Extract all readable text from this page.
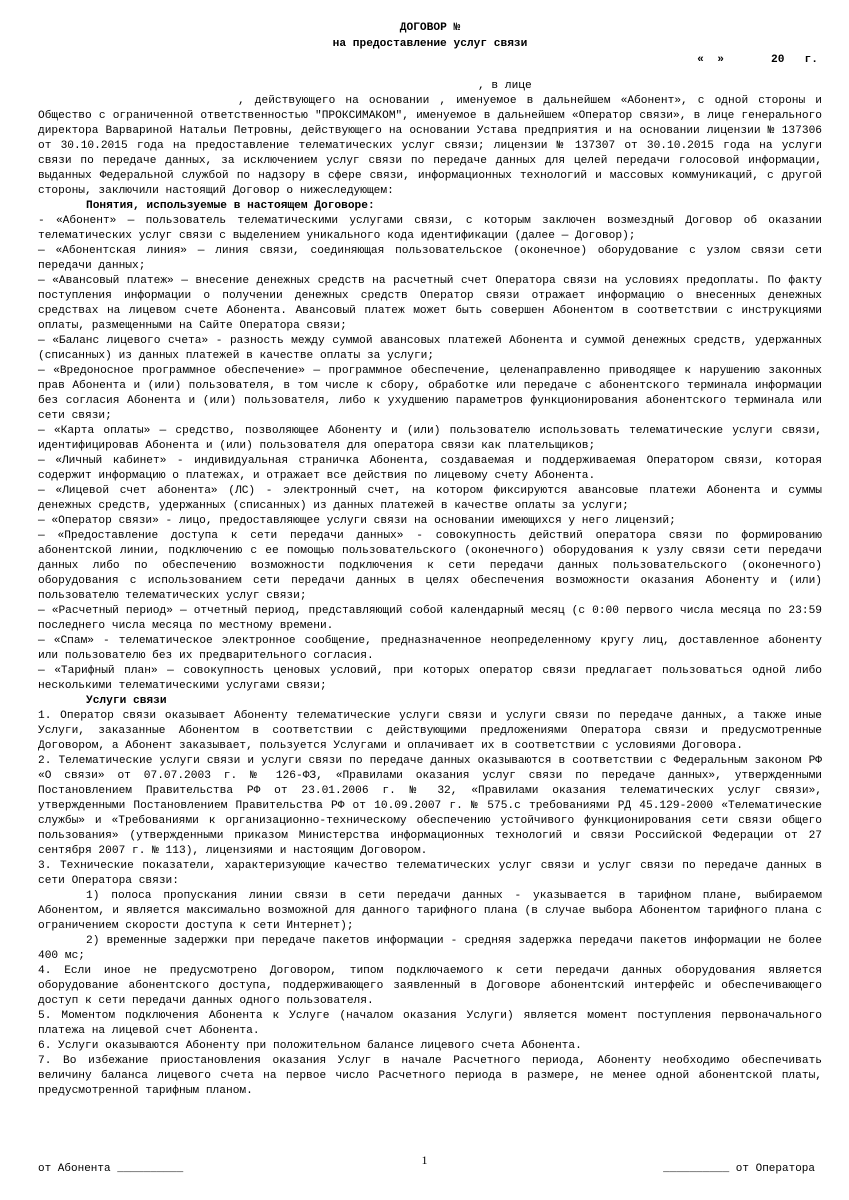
ДОГОВОР №
на предоставление услуг связи
«  »       20   г.
, в лице

, действующего на основании , именуемое в дальнейшем «Абонент», с одной стороны и Общество с ограниченной ответственностью "ПРОКСИМАКОМ", именуемое в дальнейшем «Оператор связи», в лице генерального директора Варвариной Натальи Петровны, действующего на основании Устава предприятия и на основании лицензии № 137306 от 30.10.2015 года на предоставление телематических услуг связи; лицензии № 137307 от 30.10.2015 года на услуги связи по передаче данных, за исключением услуг связи по передаче данных для целей передачи голосовой информации, выданных Федеральной службой по надзору в сфере связи, информационных технологий и массовых коммуникаций, с другой стороны, заключили настоящий Договор о нижеследующем:

Понятия, используемые в настоящем Договоре:

- «Абонент» — пользователь телематическими услугами связи, с которым заключен возмездный Договор об оказании телематических услуг связи с выделением уникального кода идентификации (далее — Договор);

— «Абонентская линия» — линия связи, соединяющая пользовательское (оконечное) оборудование с узлом связи сети передачи данных;

— «Авансовый платеж» — внесение денежных средств на расчетный счет Оператора связи на условиях предоплаты. По факту поступления информации о получении денежных средств Оператор связи отражает информацию о внесенных денежных средствах на лицевом счете Абонента. Авансовый платеж может быть совершен Абонентом в соответствии с инструкциями оплаты, размещенными на Сайте Оператора связи;

— «Баланс лицевого счета» - разность между суммой авансовых платежей Абонента и суммой денежных средств, удержанных (списанных) из данных платежей в качестве оплаты за услуги;

— «Вредоносное программное обеспечение» — программное обеспечение, целенаправленно приводящее к нарушению законных прав Абонента и (или) пользователя, в том числе к сбору, обработке или передаче с абонентского терминала информации без согласия Абонента и (или) пользователя, либо к ухудшению параметров функционирования абонентского терминала или сети связи;

— «Карта оплаты» — средство, позволяющее Абоненту и (или) пользователю использовать телематические услуги связи, идентифицировав Абонента и (или) пользователя для оператора связи как плательщиков;

— «Личный кабинет» - индивидуальная страничка Абонента, создаваемая и поддерживаемая Оператором связи, которая содержит информацию о платежах, и отражает все действия по лицевому счету Абонента.

— «Лицевой счет абонента» (ЛС) - электронный счет, на котором фиксируются авансовые платежи Абонента и суммы денежных средств, удержанных (списанных) из данных платежей в качестве оплаты за услуги;

— «Оператор связи» - лицо, предоставляющее услуги связи на основании имеющихся у него лицензий;

— «Предоставление доступа к сети передачи данных» - совокупность действий оператора связи по формированию абонентской линии, подключению с ее помощью пользовательского (оконечного) оборудования к узлу связи сети передачи данных либо по обеспечению возможности подключения к сети передачи данных пользовательского (оконечного) оборудования с использованием сети передачи данных в целях обеспечения возможности оказания Абоненту и (или) пользователю телематических услуг связи;

— «Расчетный период» — отчетный период, представляющий собой календарный месяц (с 0:00 первого числа месяца по 23:59 последнего числа месяца по местному времени.

— «Спам» - телематическое электронное сообщение, предназначенное неопределенному кругу лиц, доставленное абоненту или пользователю без их предварительного согласия.

— «Тарифный план» — совокупность ценовых условий, при которых оператор связи предлагает пользоваться одной либо несколькими телематическими услугами связи;

Услуги связи

1. Оператор связи оказывает Абоненту телематические услуги связи и услуги связи по передаче данных, а также иные Услуги, заказанные Абонентом в соответствии с действующими предложениями Оператора связи и предусмотренные Договором, а Абонент заказывает, пользуется Услугами и оплачивает их в соответствии с условиями Договора.

2. Телематические услуги связи и услуги связи по передаче данных оказываются в соответствии с Федеральным законом РФ «О связи» от 07.07.2003 г. № 126-ФЗ, «Правилами оказания услуг связи по передаче данных», утвержденными Постановлением Правительства РФ от 23.01.2006 г. № 32, «Правилами оказания телематических услуг связи», утвержденными Постановлением Правительства РФ от 10.09.2007 г. № 575.с требованиями РД 45.129-2000 «Телематические службы» и «Требованиями к организационно-техническому обеспечению устойчивого функционирования сети связи общего пользования» (утвержденными приказом Министерства информационных технологий и связи Российской Федерации от 27 сентября 2007 г. № 113), лицензиями и настоящим Договором.

3. Технические показатели, характеризующие качество телематических услуг связи и услуг связи по передаче данных в сети Оператора связи:

1) полоса пропускания линии связи в сети передачи данных - указывается в тарифном плане, выбираемом Абонентом, и является максимально возможной для данного тарифного плана (в случае выбора Абонентом тарифного плана с ограничением скорости доступа к сети Интернет);

2) временные задержки при передаче пакетов информации - средняя задержка передачи пакетов информации не более 400 мс;

4. Если иное не предусмотрено Договором, типом подключаемого к сети передачи данных оборудования является оборудование абонентского доступа, поддерживающего заявленный в Договоре абонентский интерфейс и обеспечивающего доступ к сети передачи данных одного пользователя.

5. Моментом подключения Абонента к Услуге (началом оказания Услуги) является момент поступления первоначального платежа на лицевой счет Абонента.

6. Услуги оказываются Абоненту при положительном балансе лицевого счета Абонента.

7. Во избежание приостановления оказания Услуг в начале Расчетного периода, Абоненту необходимо обеспечивать величину баланса лицевого счета на первое число Расчетного периода в размере, не менее одной абонентской платы, предусмотренной тарифным планом.

1
от Абонента __________	__________ от Оператора
